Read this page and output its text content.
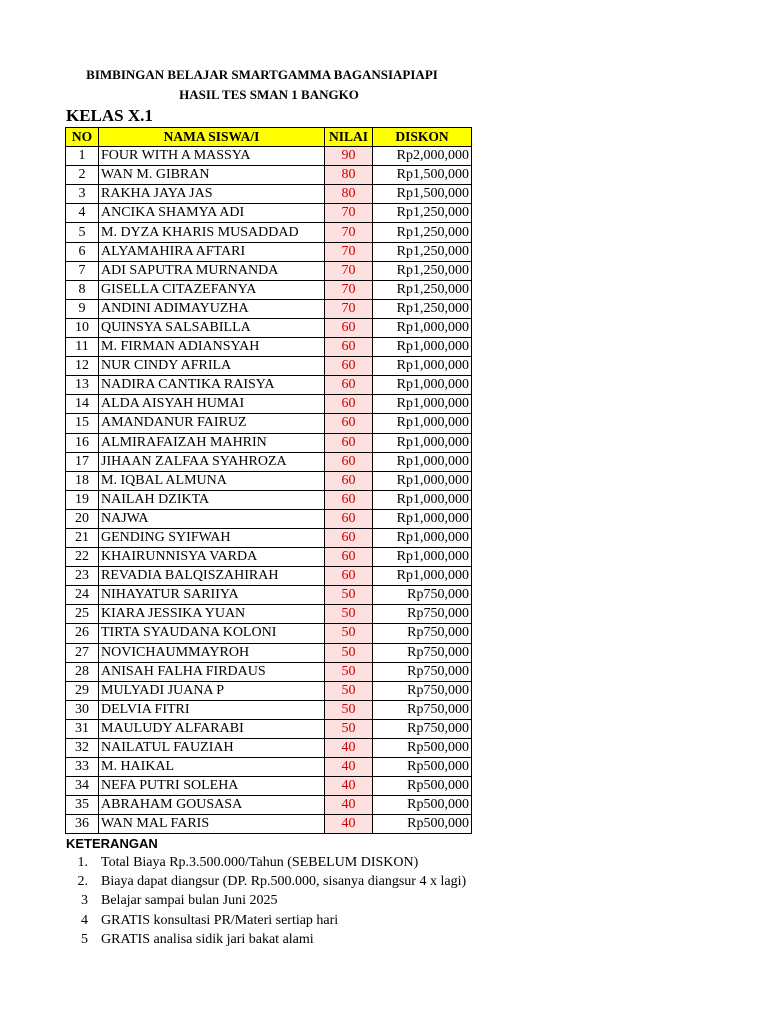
BIMBINGAN BELAJAR SMARTGAMMA BAGANSIAPIAPI
HASIL TES SMAN 1 BANGKO
KELAS X.1
NO	NAMA SISWA/I	NILAI	DISKON
1	FOUR WITH A MASSYA	90	Rp2,000,000
2	WAN M. GIBRAN	80	Rp1,500,000
3	RAKHA JAYA JAS	80	Rp1,500,000
4	ANCIKA SHAMYA ADI	70	Rp1,250,000
5	M. DYZA KHARIS MUSADDAD	70	Rp1,250,000
6	ALYAMAHIRA AFTARI	70	Rp1,250,000
7	ADI SAPUTRA MURNANDA	70	Rp1,250,000
8	GISELLA CITAZEFANYA	70	Rp1,250,000
9	ANDINI ADIMAYUZHA	70	Rp1,250,000
10	QUINSYA SALSABILLA	60	Rp1,000,000
11	M. FIRMAN ADIANSYAH	60	Rp1,000,000
12	NUR CINDY AFRILA	60	Rp1,000,000
13	NADIRA CANTIKA RAISYA	60	Rp1,000,000
14	ALDA AISYAH HUMAI	60	Rp1,000,000
15	AMANDANUR FAIRUZ	60	Rp1,000,000
16	ALMIRAFAIZAH MAHRIN	60	Rp1,000,000
17	JIHAAN ZALFAA SYAHROZA	60	Rp1,000,000
18	M. IQBAL ALMUNA	60	Rp1,000,000
19	NAILAH DZIKTA	60	Rp1,000,000
20	NAJWA	60	Rp1,000,000
21	GENDING SYIFWAH	60	Rp1,000,000
22	KHAIRUNNISYA VARDA	60	Rp1,000,000
23	REVADIA BALQISZAHIRAH	60	Rp1,000,000
24	NIHAYATUR SARIIYA	50	Rp750,000
25	KIARA JESSIKA YUAN	50	Rp750,000
26	TIRTA SYAUDANA KOLONI	50	Rp750,000
27	NOVICHAUMMAYROH	50	Rp750,000
28	ANISAH FALHA FIRDAUS	50	Rp750,000
29	MULYADI JUANA P	50	Rp750,000
30	DELVIA FITRI	50	Rp750,000
31	MAULUDY ALFARABI	50	Rp750,000
32	NAILATUL FAUZIAH	40	Rp500,000
33	M. HAIKAL	40	Rp500,000
34	NEFA PUTRI SOLEHA	40	Rp500,000
35	ABRAHAM GOUSASA	40	Rp500,000
36	WAN MAL FARIS	40	Rp500,000
KETERANGAN
1. Total Biaya Rp.3.500.000/Tahun (SEBELUM DISKON)
2. Biaya dapat diangsur (DP. Rp.500.000, sisanya diangsur 4 x lagi)
3 Belajar sampai bulan Juni 2025
4 GRATIS konsultasi PR/Materi sertiap hari
5 GRATIS analisa sidik jari bakat alami
